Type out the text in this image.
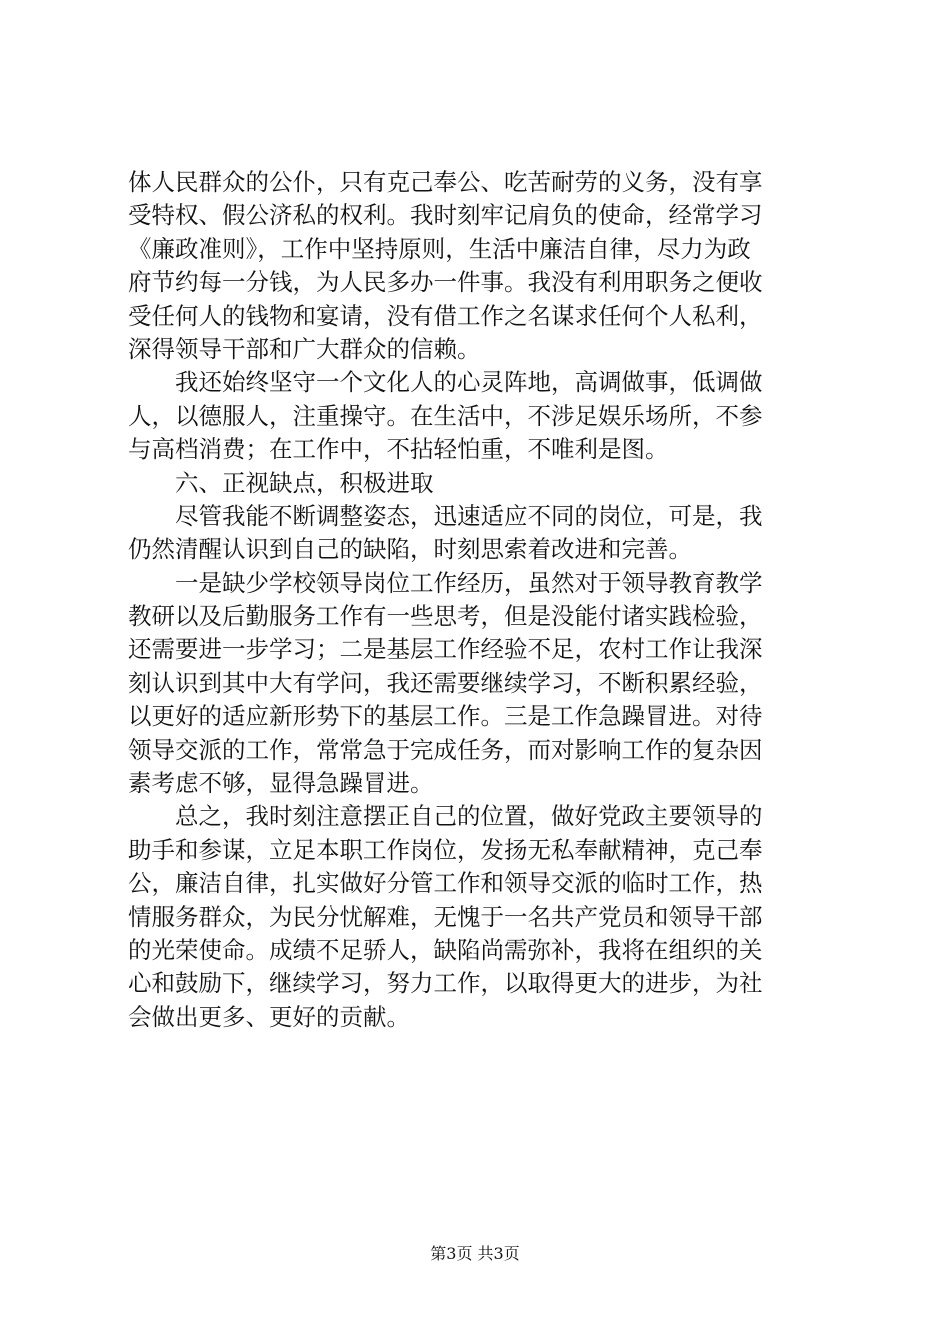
体人民群众的公仆，只有克己奉公、吃苦耐劳的义务，没有享
受特权、假公济私的权利。我时刻牢记肩负的使命，经常学习
《廉政准则》，工作中坚持原则，生活中廉洁自律，尽力为政
府节约每一分钱，为人民多办一件事。我没有利用职务之便收
受任何人的钱物和宴请，没有借工作之名谋求任何个人私利，
深得领导干部和广大群众的信赖。
我还始终坚守一个文化人的心灵阵地，高调做事，低调做
人，以德服人，注重操守。在生活中，不涉足娱乐场所，不参
与高档消费；在工作中，不拈轻怕重，不唯利是图。
六、正视缺点，积极进取
尽管我能不断调整姿态，迅速适应不同的岗位，可是，我
仍然清醒认识到自己的缺陷，时刻思索着改进和完善。
一是缺少学校领导岗位工作经历，虽然对于领导教育教学
教研以及后勤服务工作有一些思考，但是没能付诸实践检验，
还需要进一步学习；二是基层工作经验不足，农村工作让我深
刻认识到其中大有学问，我还需要继续学习，不断积累经验，
以更好的适应新形势下的基层工作。三是工作急躁冒进。对待
领导交派的工作，常常急于完成任务，而对影响工作的复杂因
素考虑不够，显得急躁冒进。
总之，我时刻注意摆正自己的位置，做好党政主要领导的
助手和参谋，立足本职工作岗位，发扬无私奉献精神，克己奉
公，廉洁自律，扎实做好分管工作和领导交派的临时工作，热
情服务群众，为民分忧解难，无愧于一名共产党员和领导干部
的光荣使命。成绩不足骄人，缺陷尚需弥补，我将在组织的关
心和鼓励下，继续学习，努力工作，以取得更大的进步，为社
会做出更多、更好的贡献。
第3页 共3页
